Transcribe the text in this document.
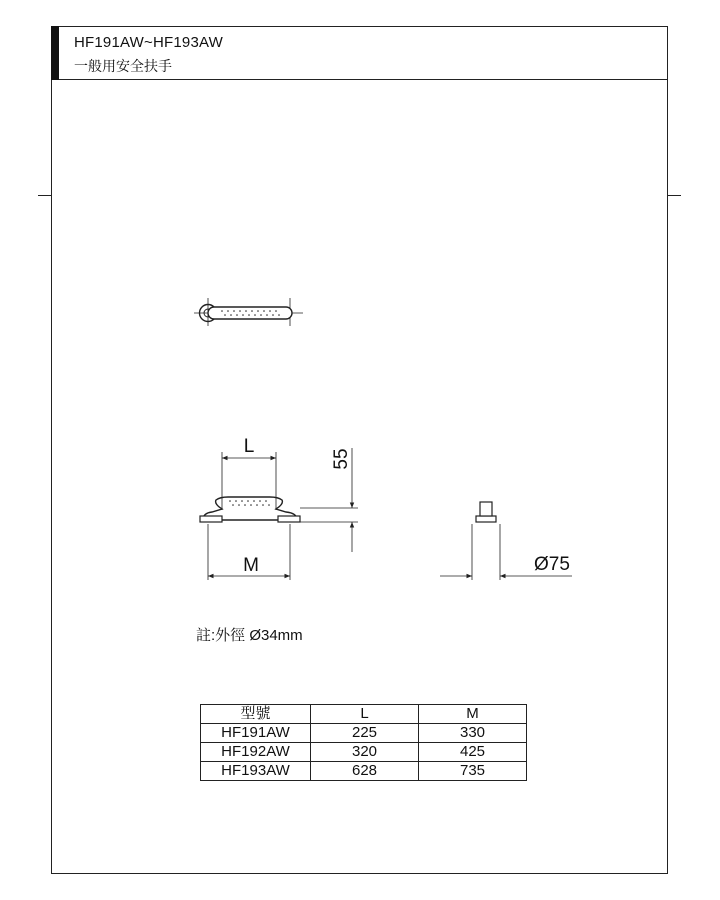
HF191AW~HF193AW
一般用安全扶手
L
M
55
Ø75
註:外徑 Ø34mm
型號	L	M
HF191AW	225	330
HF192AW	320	425
HF193AW	628	735
